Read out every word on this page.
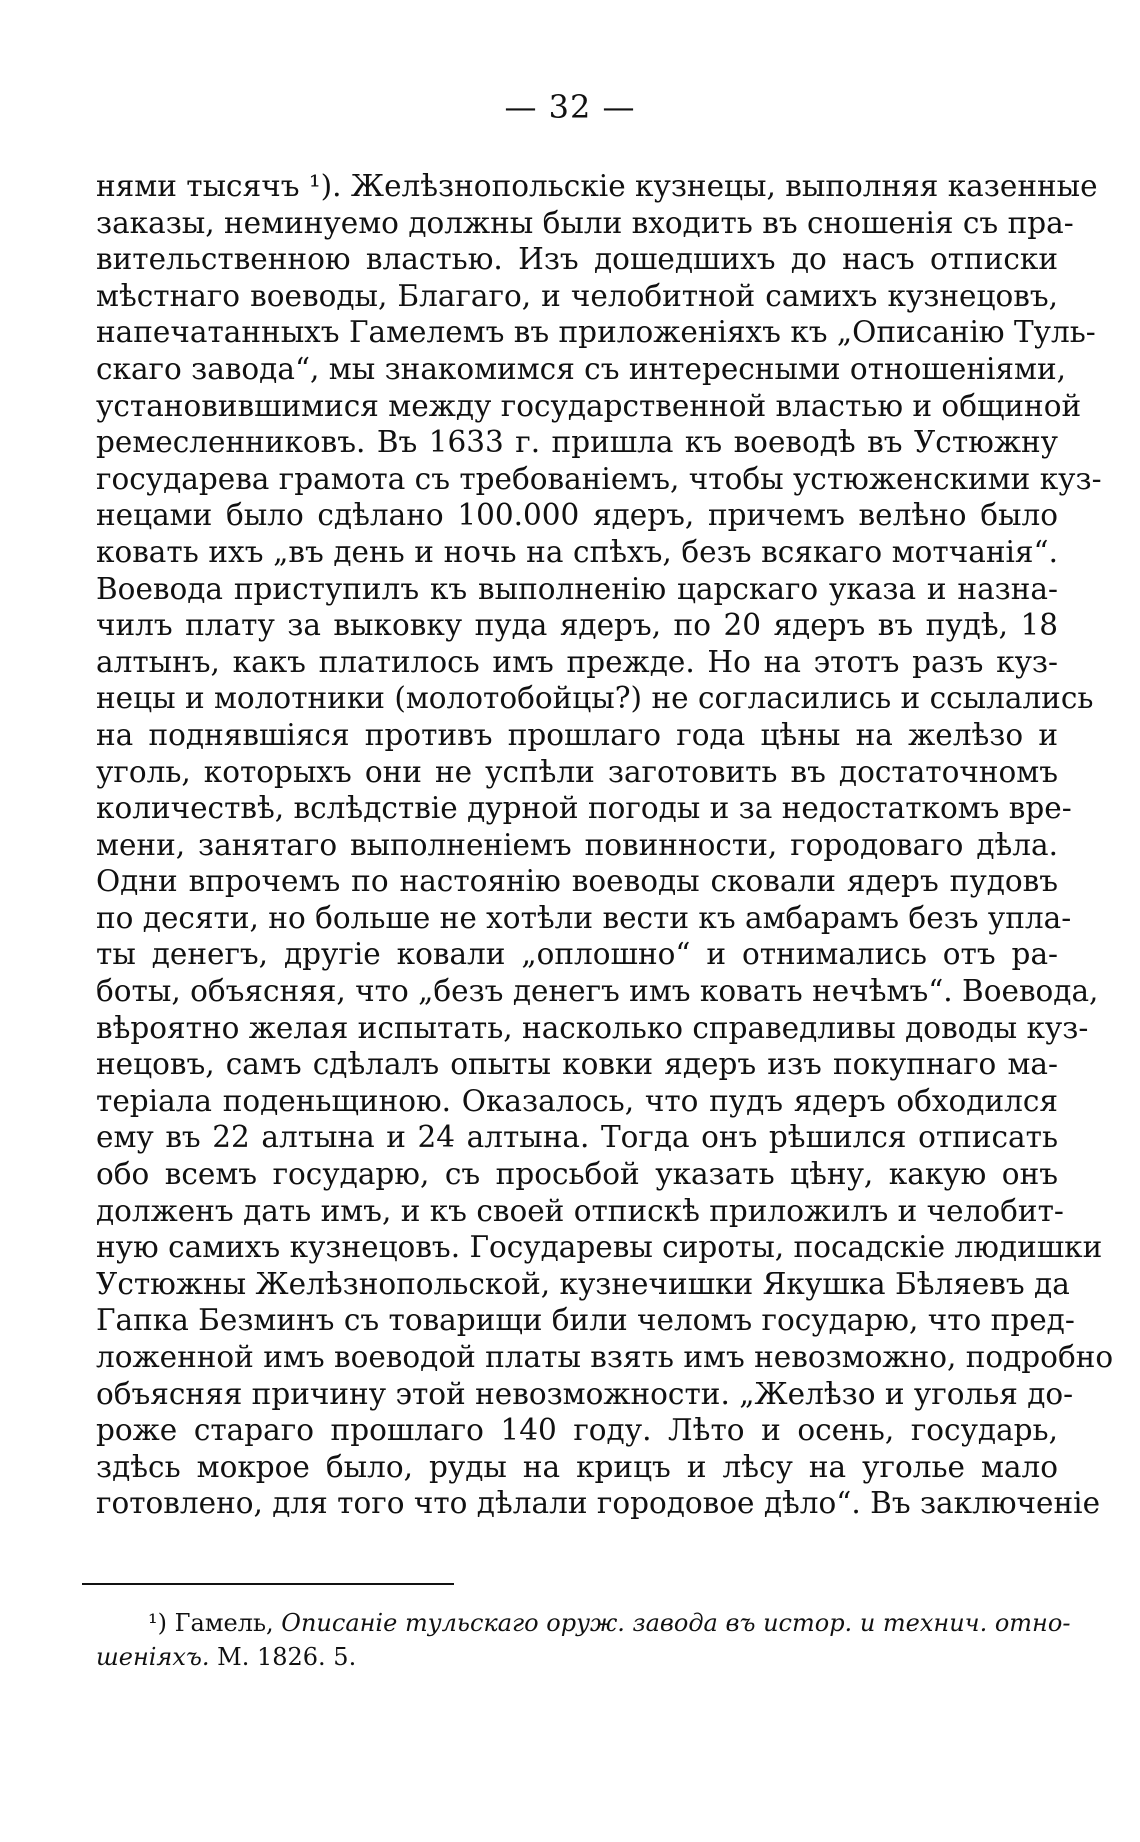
— 32 —
нями тысячъ ¹). Желѣзнопольскіе кузнецы, выполняя казенные
заказы, неминуемо должны были входить въ сношенія съ пра-
вительственною властью. Изъ дошедшихъ до насъ отписки
мѣстнаго воеводы, Благаго, и челобитной самихъ кузнецовъ,
напечатанныхъ Гамелемъ въ приложеніяхъ къ „Описанію Туль-
скаго завода“, мы знакомимся съ интересными отношеніями,
установившимися между государственной властью и общиной
ремесленниковъ. Въ 1633 г. пришла къ воеводѣ въ Устюжну
государева грамота съ требованіемъ, чтобы устюженскими куз-
нецами было сдѣлано 100.000 ядеръ, причемъ велѣно было
ковать ихъ „въ день и ночь на спѣхъ, безъ всякаго мотчанія“.
Воевода приступилъ къ выполненію царскаго указа и назна-
чилъ плату за выковку пуда ядеръ, по 20 ядеръ въ пудѣ, 18
алтынъ, какъ платилось имъ прежде. Но на этотъ разъ куз-
нецы и молотники (молотобойцы?) не согласились и ссылались
на поднявшіяся противъ прошлаго года цѣны на желѣзо и
уголь, которыхъ они не успѣли заготовить въ достаточномъ
количествѣ, вслѣдствіе дурной погоды и за недостаткомъ вре-
мени, занятаго выполненіемъ повинности, городоваго дѣла.
Одни впрочемъ по настоянію воеводы сковали ядеръ пудовъ
по десяти, но больше не хотѣли вести къ амбарамъ безъ упла-
ты денегъ, другіе ковали „оплошно“ и отнимались отъ ра-
боты, объясняя, что „безъ денегъ имъ ковать нечѣмъ“. Воевода,
вѣроятно желая испытать, насколько справедливы доводы куз-
нецовъ, самъ сдѣлалъ опыты ковки ядеръ изъ покупнаго ма-
теріала поденьщиною. Оказалось, что пудъ ядеръ обходился
ему въ 22 алтына и 24 алтына. Тогда онъ рѣшился отписать
обо всемъ государю, съ просьбой указать цѣну, какую онъ
долженъ дать имъ, и къ своей отпискѣ приложилъ и челобит-
ную самихъ кузнецовъ. Государевы сироты, посадскіе людишки
Устюжны Желѣзнопольской, кузнечишки Якушка Бѣляевъ да
Гапка Безминъ съ товарищи били челомъ государю, что пред-
ложенной имъ воеводой платы взять имъ невозможно, подробно
объясняя причину этой невозможности. „Желѣзо и уголья до-
роже стараго прошлаго 140 году. Лѣто и осень, государь,
здѣсь мокрое было, руды на крицъ и лѣсу на уголье мало
готовлено, для того что дѣлали городовое дѣло“. Въ заключеніе
¹) Гамель, Описаніе тульскаго оруж. завода въ истор. и технич. отно-
шеніяхъ. М. 1826. 5.
